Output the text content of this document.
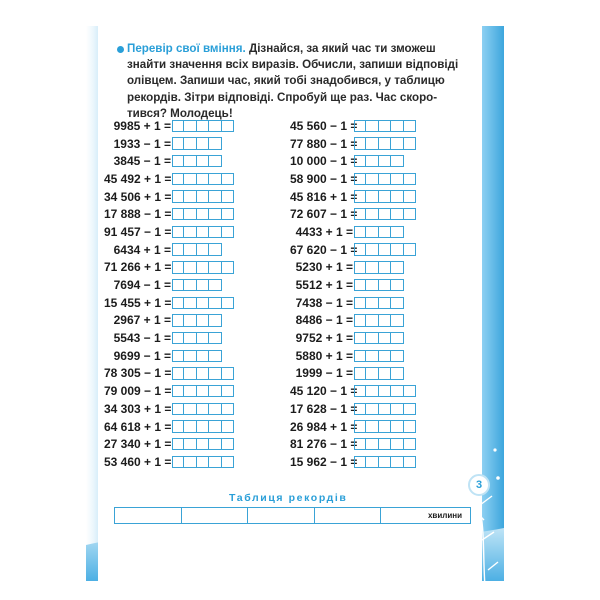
Перевір свої вміння. Дізнайся, за який час ти зможеш
знайти значення всіх виразів. Обчисли, запиши відповіді
олівцем. Запиши час, який тобі знадобився, у таблицю
рекордів. Зітри відповіді. Спробуй ще раз. Час скоро-
тився? Молодець!
9985 + 1 =
1933 − 1 =
3845 − 1 =
45 492 + 1 =
34 506 + 1 =
17 888 − 1 =
91 457 − 1 =
6434 + 1 =
71 266 + 1 =
7694 − 1 =
15 455 + 1 =
2967 + 1 =
5543 − 1 =
9699 − 1 =
78 305 − 1 =
79 009 − 1 =
34 303 + 1 =
64 618 + 1 =
27 340 + 1 =
53 460 + 1 =
45 560 − 1 =
77 880 − 1 =
10 000 − 1 =
58 900 − 1 =
45 816 + 1 =
72 607 − 1 =
4433 + 1 =
67 620 − 1 =
5230 + 1 =
5512 + 1 =
7438 − 1 =
8486 − 1 =
9752 + 1 =
5880 + 1 =
1999 − 1 =
45 120 − 1 =
17 628 − 1 =
26 984 + 1 =
81 276 − 1 =
15 962 − 1 =
3
Таблиця рекордів
хвилини
